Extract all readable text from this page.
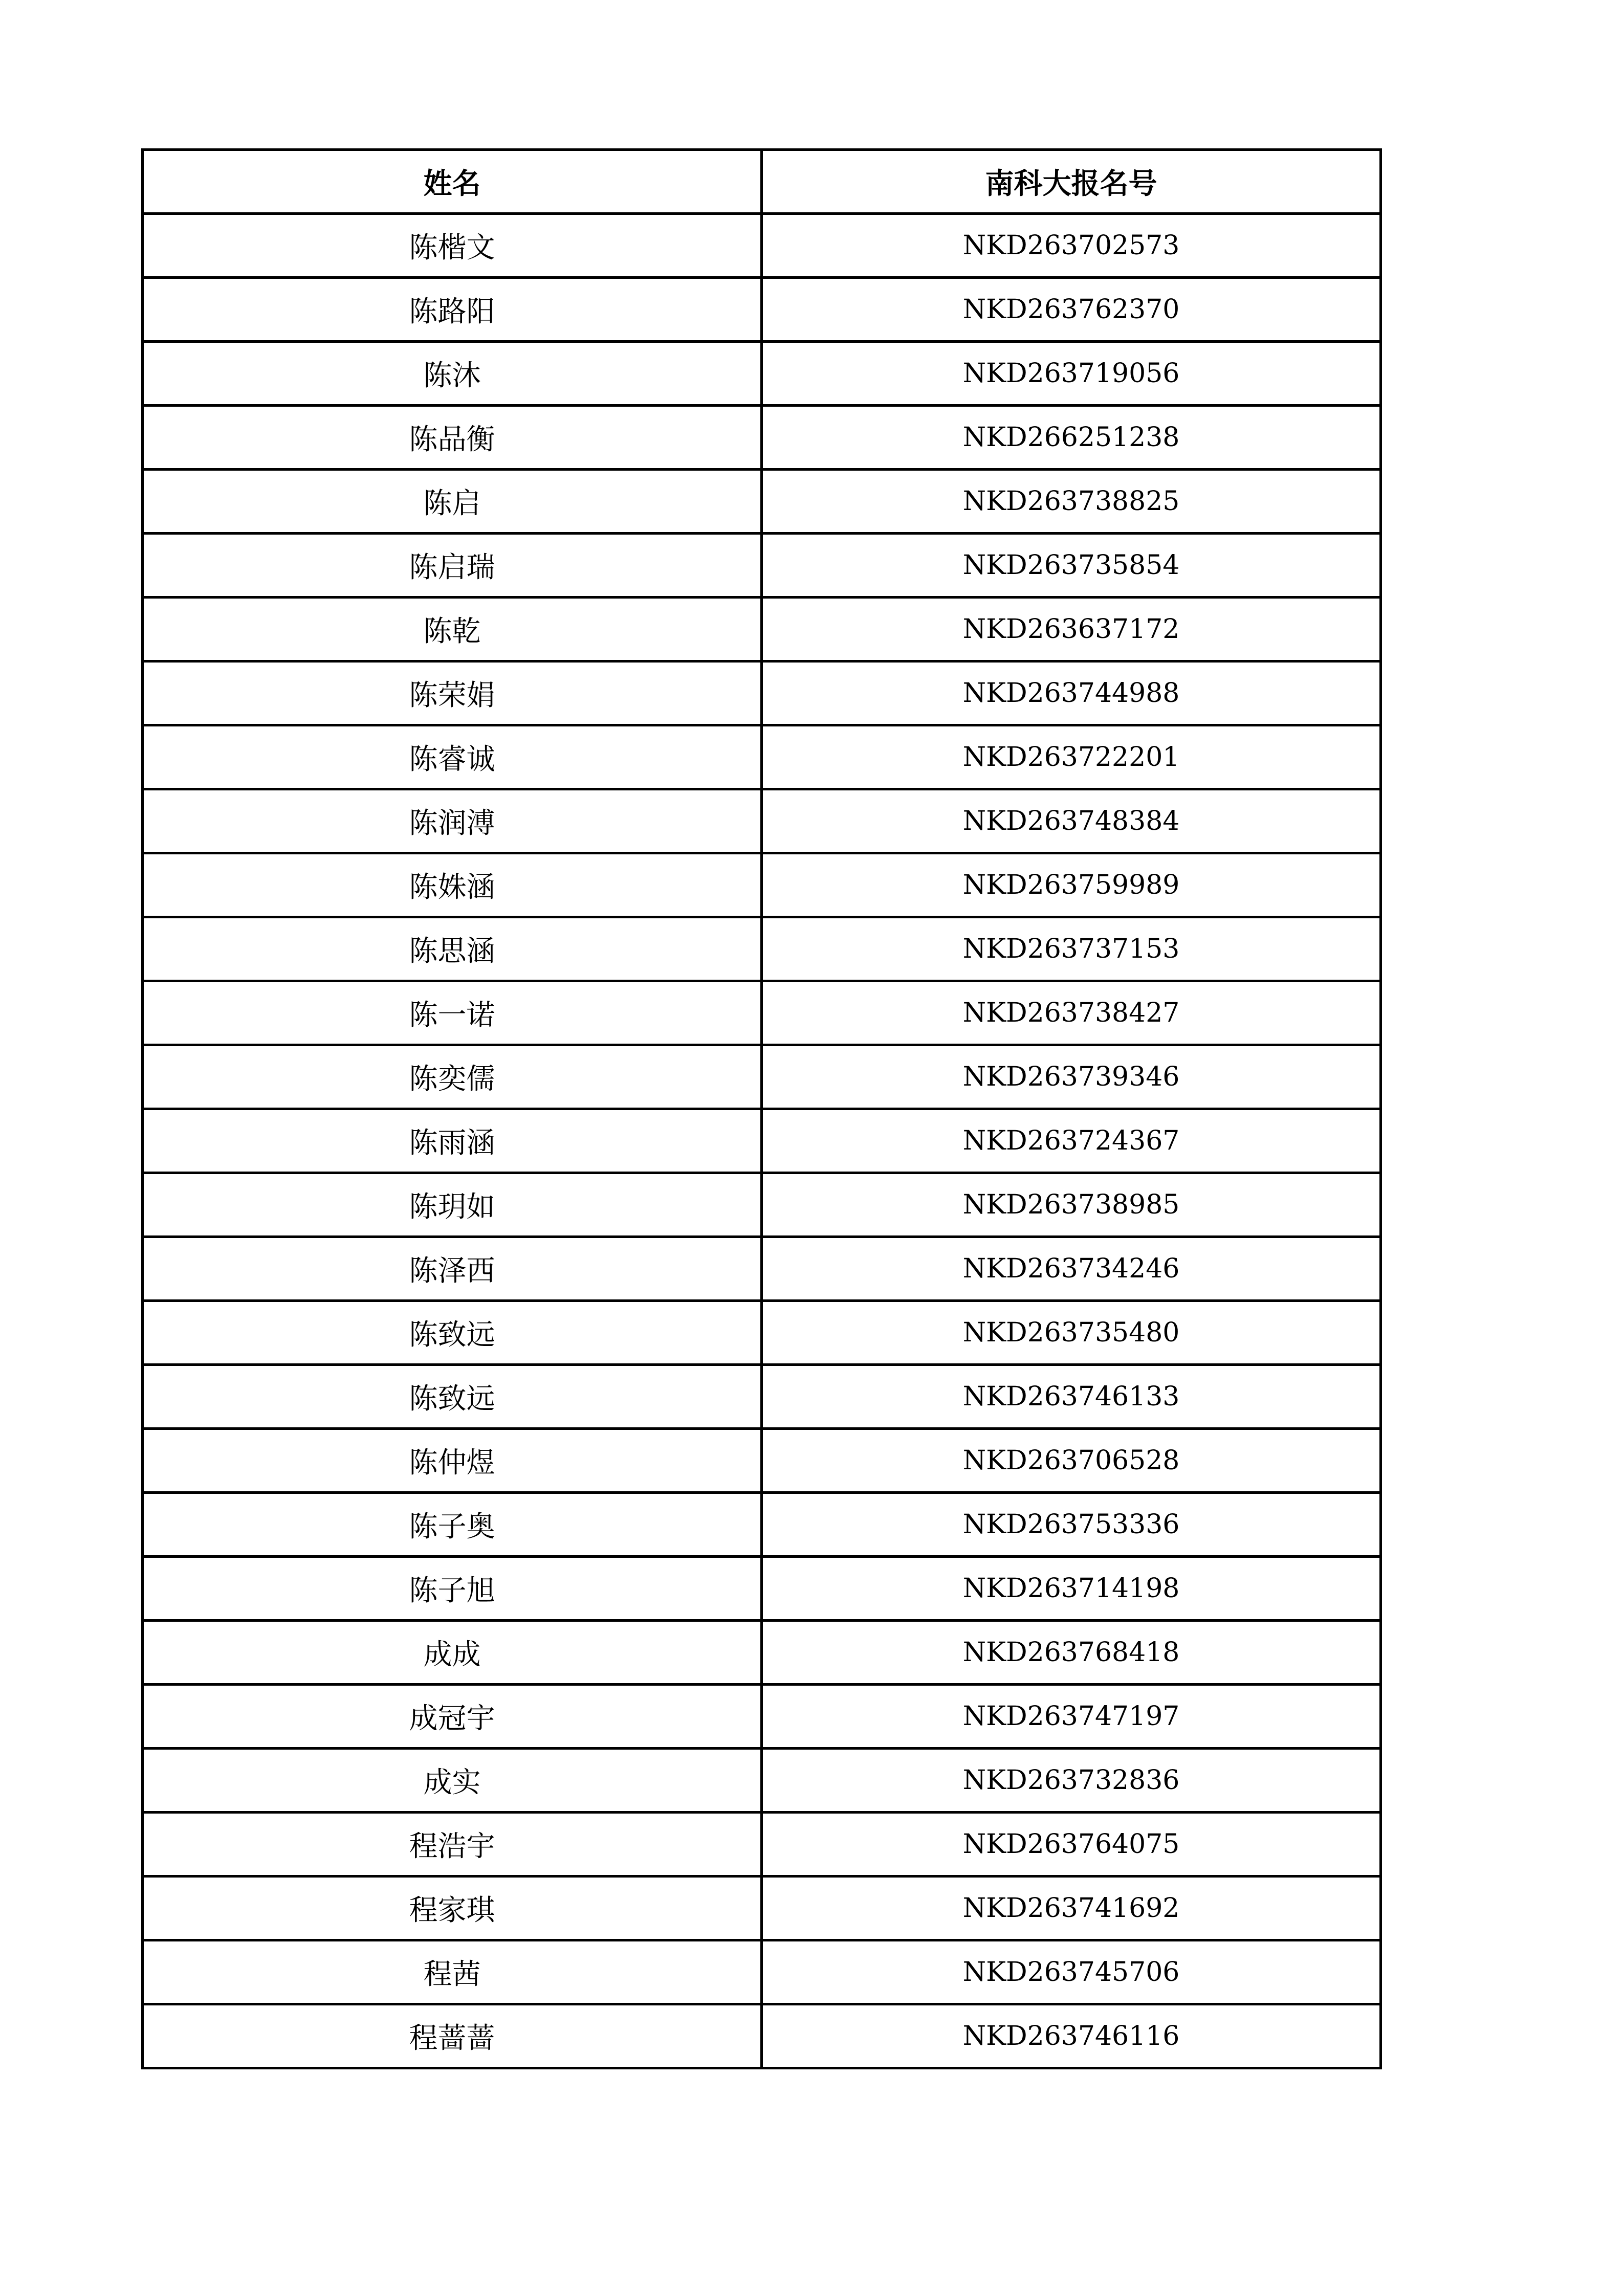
姓名	南科大报名号
陈楷文	NKD263702573
陈路阳	NKD263762370
陈沐	NKD263719056
陈品衡	NKD266251238
陈启	NKD263738825
陈启瑞	NKD263735854
陈乾	NKD263637172
陈荣娟	NKD263744988
陈睿诚	NKD263722201
陈润溥	NKD263748384
陈姝涵	NKD263759989
陈思涵	NKD263737153
陈一诺	NKD263738427
陈奕儒	NKD263739346
陈雨涵	NKD263724367
陈玥如	NKD263738985
陈泽西	NKD263734246
陈致远	NKD263735480
陈致远	NKD263746133
陈仲煜	NKD263706528
陈子奥	NKD263753336
陈子旭	NKD263714198
成成	NKD263768418
成冠宇	NKD263747197
成实	NKD263732836
程浩宇	NKD263764075
程家琪	NKD263741692
程茜	NKD263745706
程蔷蔷	NKD263746116
